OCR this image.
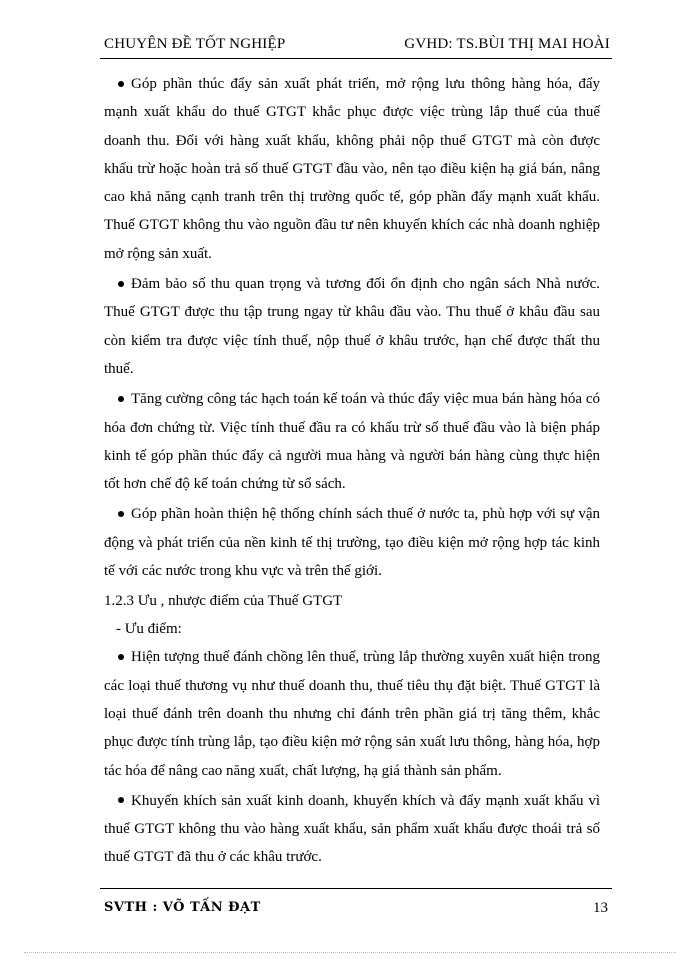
CHUYÊN ĐỀ TỐT NGHIỆP	GVHD: TS.BÙI THỊ MAI HOÀI

Góp phần thúc đẩy sản xuất phát triển, mở rộng lưu thông hàng hóa, đẩy mạnh xuất khẩu do thuế GTGT khắc phục được việc trùng lắp thuế của thuế doanh thu. Đối với hàng xuất khẩu, không phải nộp thuế GTGT mà còn được khấu trừ hoặc hoàn trả số thuế GTGT đầu vào, nên tạo điều kiện hạ giá bán, nâng cao khả năng cạnh tranh trên thị trường quốc tế, góp phần đẩy mạnh xuất khẩu. Thuế GTGT không thu vào nguồn đầu tư nên khuyến khích các nhà doanh nghiệp mở rộng sản xuất.

Đảm bảo số thu quan trọng và tương đối ổn định cho ngân sách Nhà nước. Thuế GTGT được thu tập trung ngay từ khâu đầu vào. Thu thuế ở khâu đầu sau còn kiểm tra được việc tính thuế, nộp thuế ở khâu trước, hạn chế được thất thu thuế.

Tăng cường công tác hạch toán kế toán và thúc đẩy việc mua bán hàng hóa có hóa đơn chứng từ. Việc tính thuế đầu ra có khấu trừ số thuế đầu vào là biện pháp kinh tế góp phần thúc đẩy cả người mua hàng và người bán hàng cùng thực hiện tốt hơn chế độ kế toán chứng từ sổ sách.

Góp phần hoàn thiện hệ thống chính sách thuế ở nước ta, phù hợp với sự vận động và phát triển của nền kinh tế thị trường, tạo điều kiện mở rộng hợp tác kinh tế với các nước trong khu vực và trên thế giới.

1.2.3 Ưu , nhược điểm của Thuế GTGT

- Ưu điểm:

Hiện tượng thuế đánh chồng lên thuế, trùng lắp thường xuyên xuất hiện trong các loại thuế thương vụ như thuế doanh thu, thuế tiêu thụ đặt biệt. Thuế GTGT là loại thuế đánh trên doanh thu nhưng chỉ đánh trên phần giá trị tăng thêm, khắc phục được tính trùng lắp, tạo điều kiện mở rộng sản xuất lưu thông, hàng hóa, hợp tác hóa để nâng cao năng xuất, chất lượng, hạ giá thành sản phẩm.

Khuyến khích sản xuất kinh doanh, khuyến khích và đẩy mạnh xuất khẩu vì thuế GTGT không thu vào hàng xuất khẩu, sản phẩm xuất khẩu được thoái trả số thuế GTGT đã thu ở các khâu trước.

SVTH : VÕ TẤN ĐẠT	13
